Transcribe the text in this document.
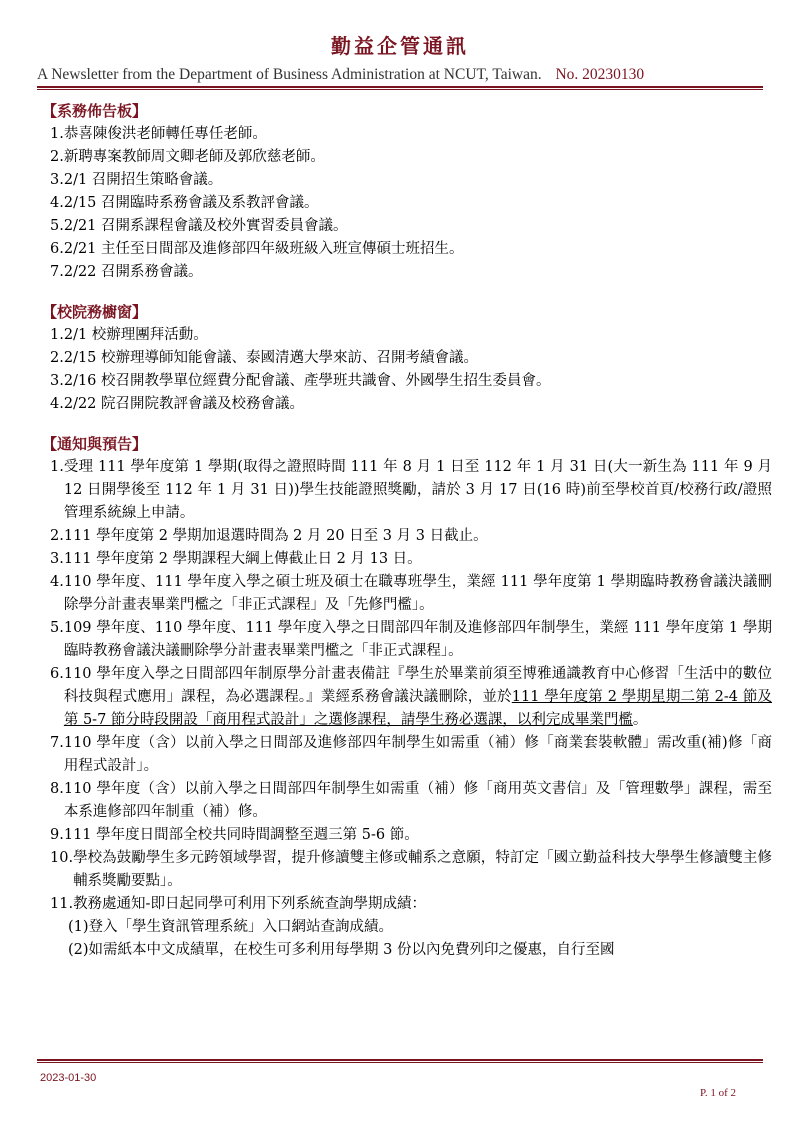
勤益企管通訊
A Newsletter from the Department of Business Administration at NCUT, Taiwan. No. 20230130
【系務佈告板】
1. 恭喜陳俊洪老師轉任專任老師。
2. 新聘專案教師周文卿老師及郭欣慈老師。
3. 2/1 召開招生策略會議。
4. 2/15 召開臨時系務會議及系教評會議。
5. 2/21 召開系課程會議及校外實習委員會議。
6. 2/21 主任至日間部及進修部四年級班級入班宣傳碩士班招生。
7. 2/22 召開系務會議。
【校院務櫥窗】
1. 2/1 校辦理團拜活動。
2. 2/15 校辦理導師知能會議、泰國清邁大學來訪、召開考績會議。
3. 2/16 校召開教學單位經費分配會議、產學班共識會、外國學生招生委員會。
4. 2/22 院召開院教評會議及校務會議。
【通知與預告】
1. 受理 111 學年度第 1 學期(取得之證照時間 111 年 8 月 1 日至 112 年 1 月 31 日(大一新生為 111 年 9 月 12 日開學後至 112 年 1 月 31 日))學生技能證照獎勵，請於 3 月 17 日(16 時)前至學校首頁/校務行政/證照管理系統線上申請。
2. 111 學年度第 2 學期加退選時間為 2 月 20 日至 3 月 3 日截止。
3. 111 學年度第 2 學期課程大綱上傳截止日 2 月 13 日。
4. 110 學年度、111 學年度入學之碩士班及碩士在職專班學生，業經 111 學年度第 1 學期臨時教務會議決議刪除學分計畫表畢業門檻之「非正式課程」及「先修門檻」。
5. 109 學年度、110 學年度、111 學年度入學之日間部四年制及進修部四年制學生，業經 111 學年度第 1 學期臨時教務會議決議刪除學分計畫表畢業門檻之「非正式課程」。
6. 110 學年度入學之日間部四年制原學分計畫表備註『學生於畢業前須至博雅通識教育中心修習「生活中的數位科技與程式應用」課程，為必選課程。』業經系務會議決議刪除，並於111 學年度第 2 學期星期二第 2-4 節及第 5-7 節分時段開設「商用程式設計」之選修課程，請學生務必選課，以利完成畢業門檻。
7. 110 學年度（含）以前入學之日間部及進修部四年制學生如需重（補）修「商業套裝軟體」需改重(補)修「商用程式設計」。
8. 110 學年度（含）以前入學之日間部四年制學生如需重（補）修「商用英文書信」及「管理數學」課程，需至本系進修部四年制重（補）修。
9. 111 學年度日間部全校共同時間調整至週三第 5-6 節。
10. 學校為鼓勵學生多元跨領域學習，提升修讀雙主修或輔系之意願，特訂定「國立勤益科技大學學生修讀雙主修輔系獎勵要點」。
11. 教務處通知-即日起同學可利用下列系統查詢學期成績：
(1)登入「學生資訊管理系統」入口網站查詢成績。
(2)如需紙本中文成績單，在校生可多利用每學期 3 份以內免費列印之優惠，自行至國
2023-01-30
P. 1 of 2
